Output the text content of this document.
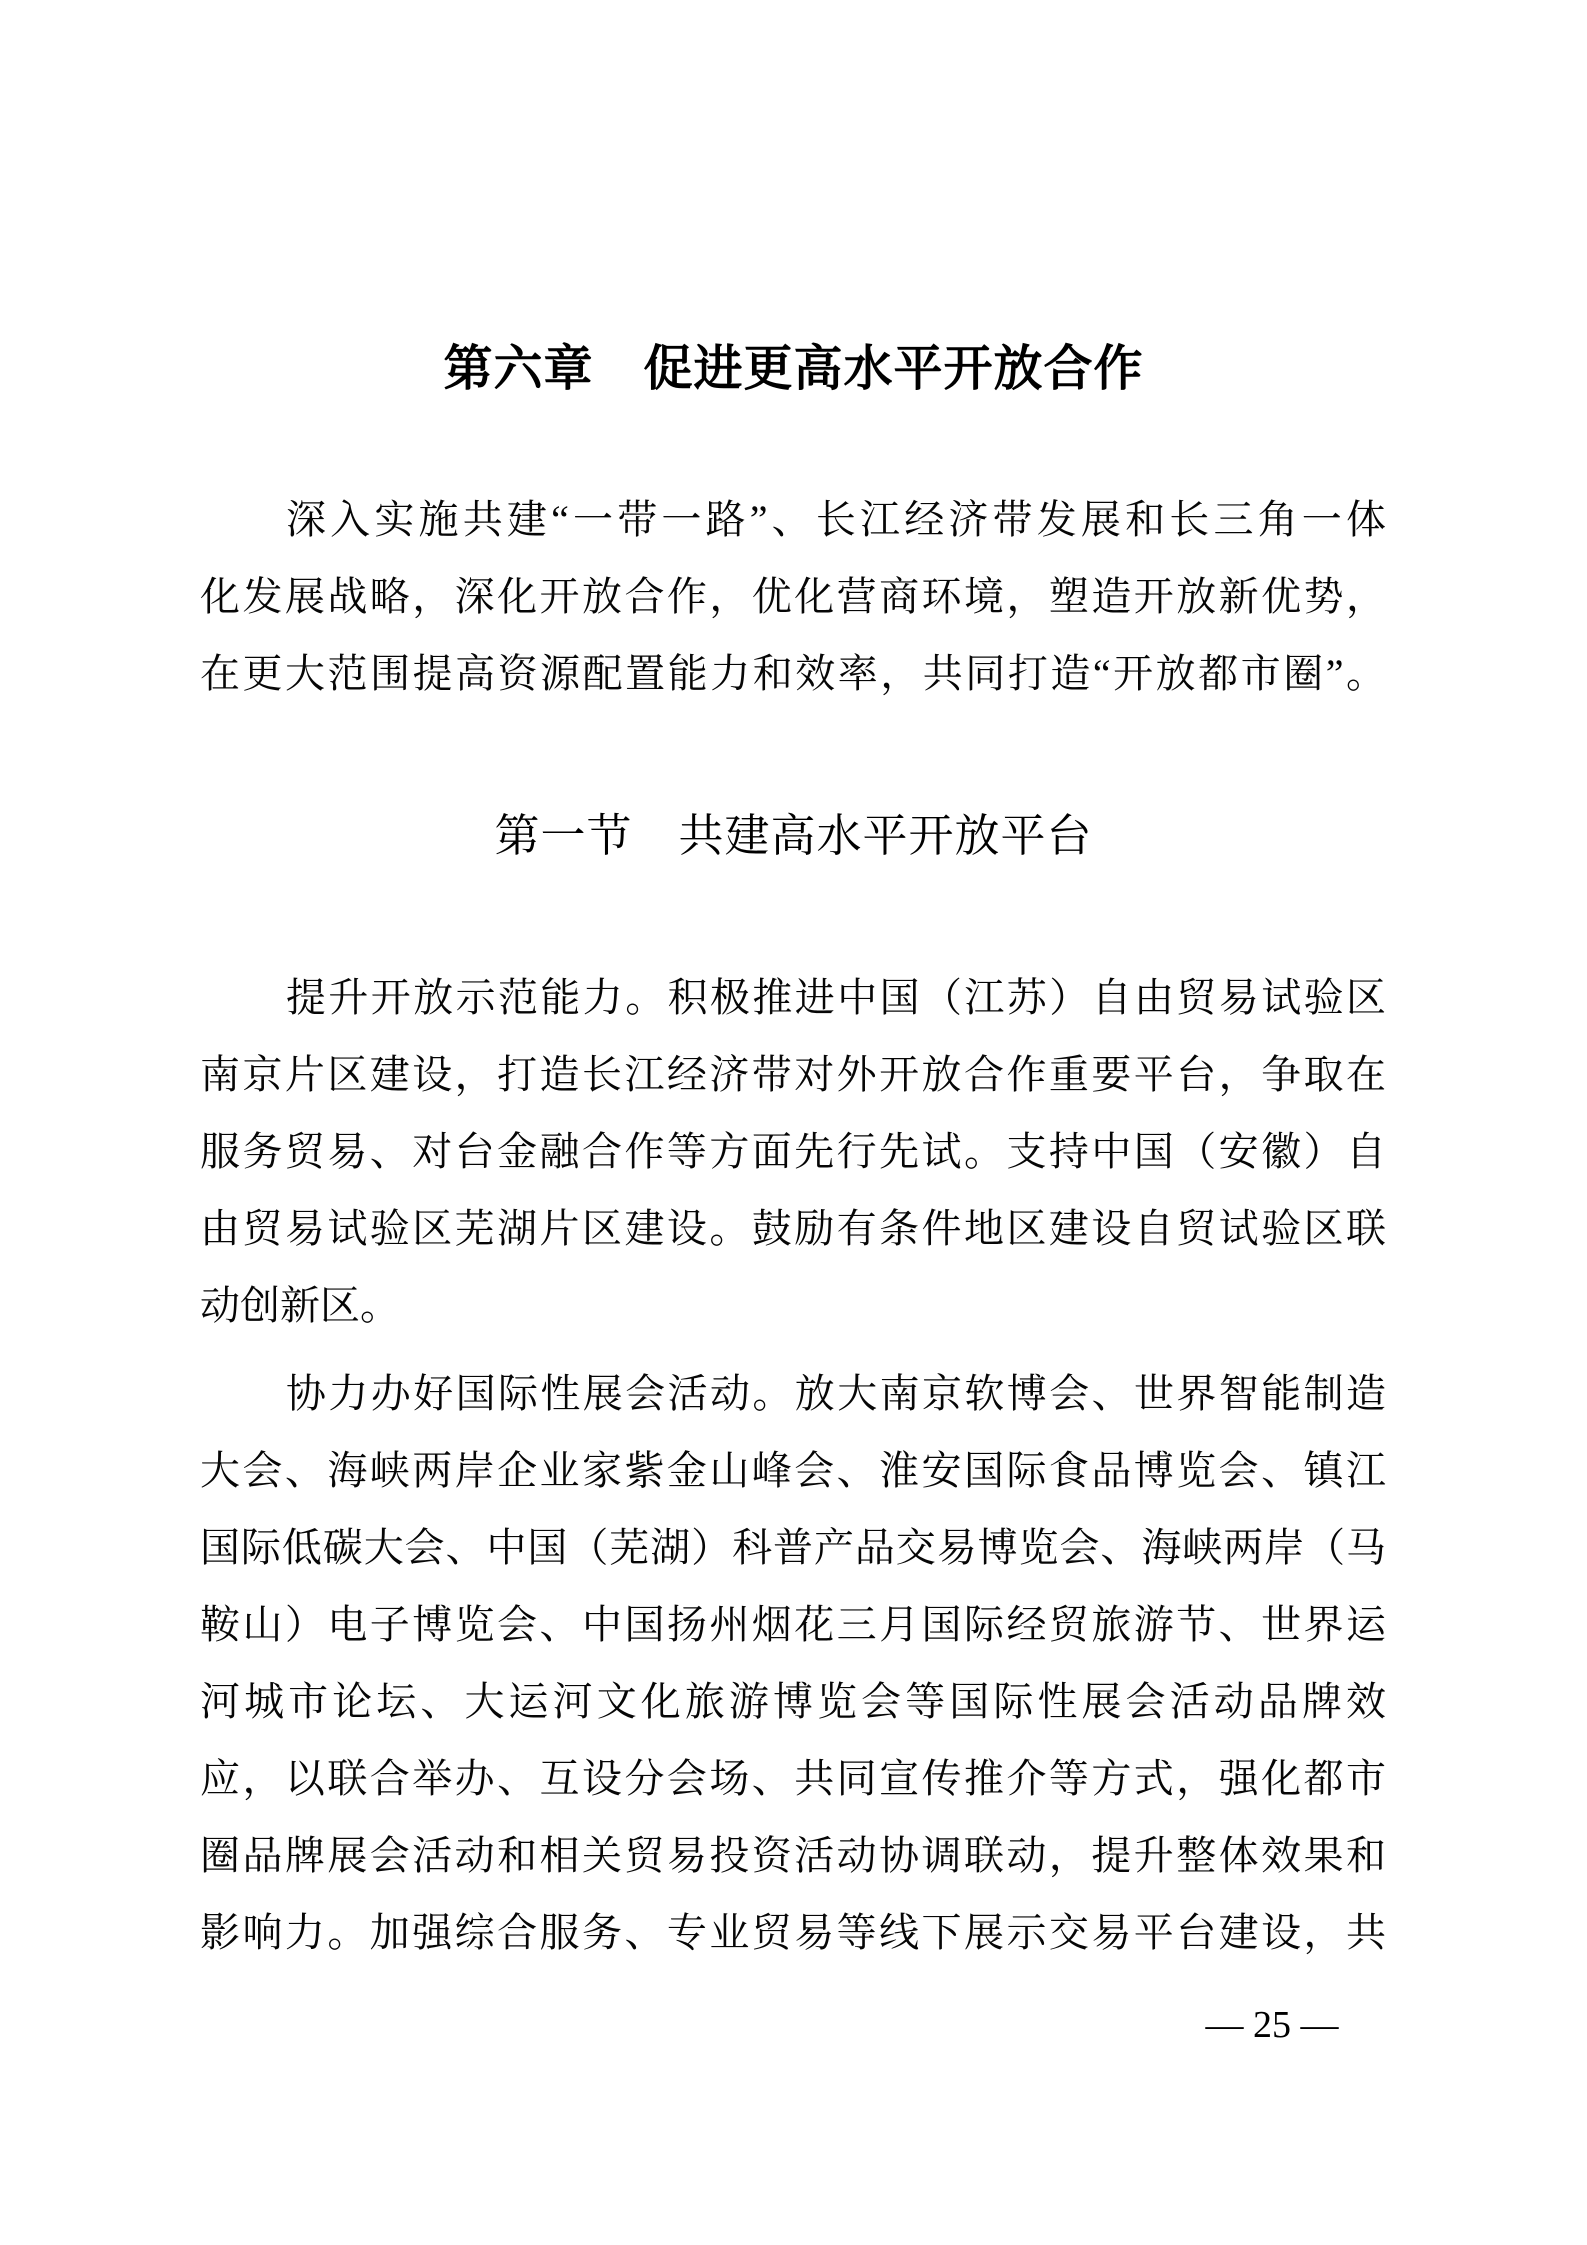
第六章　促进更高水平开放合作
深入实施共建“一带一路”、长江经济带发展和长三角一体
化发展战略，深化开放合作，优化营商环境，塑造开放新优势，
在更大范围提高资源配置能力和效率，共同打造“开放都市圈”。
第一节　共建高水平开放平台
提升开放示范能力。积极推进中国（江苏）自由贸易试验区
南京片区建设，打造长江经济带对外开放合作重要平台，争取在
服务贸易、对台金融合作等方面先行先试。支持中国（安徽）自
由贸易试验区芜湖片区建设。鼓励有条件地区建设自贸试验区联
动创新区。
协力办好国际性展会活动。放大南京软博会、世界智能制造
大会、海峡两岸企业家紫金山峰会、淮安国际食品博览会、镇江
国际低碳大会、中国（芜湖）科普产品交易博览会、海峡两岸（马
鞍山）电子博览会、中国扬州烟花三月国际经贸旅游节、世界运
河城市论坛、大运河文化旅游博览会等国际性展会活动品牌效
应，以联合举办、互设分会场、共同宣传推介等方式，强化都市
圈品牌展会活动和相关贸易投资活动协调联动，提升整体效果和
影响力。加强综合服务、专业贸易等线下展示交易平台建设，共
— 25 —
